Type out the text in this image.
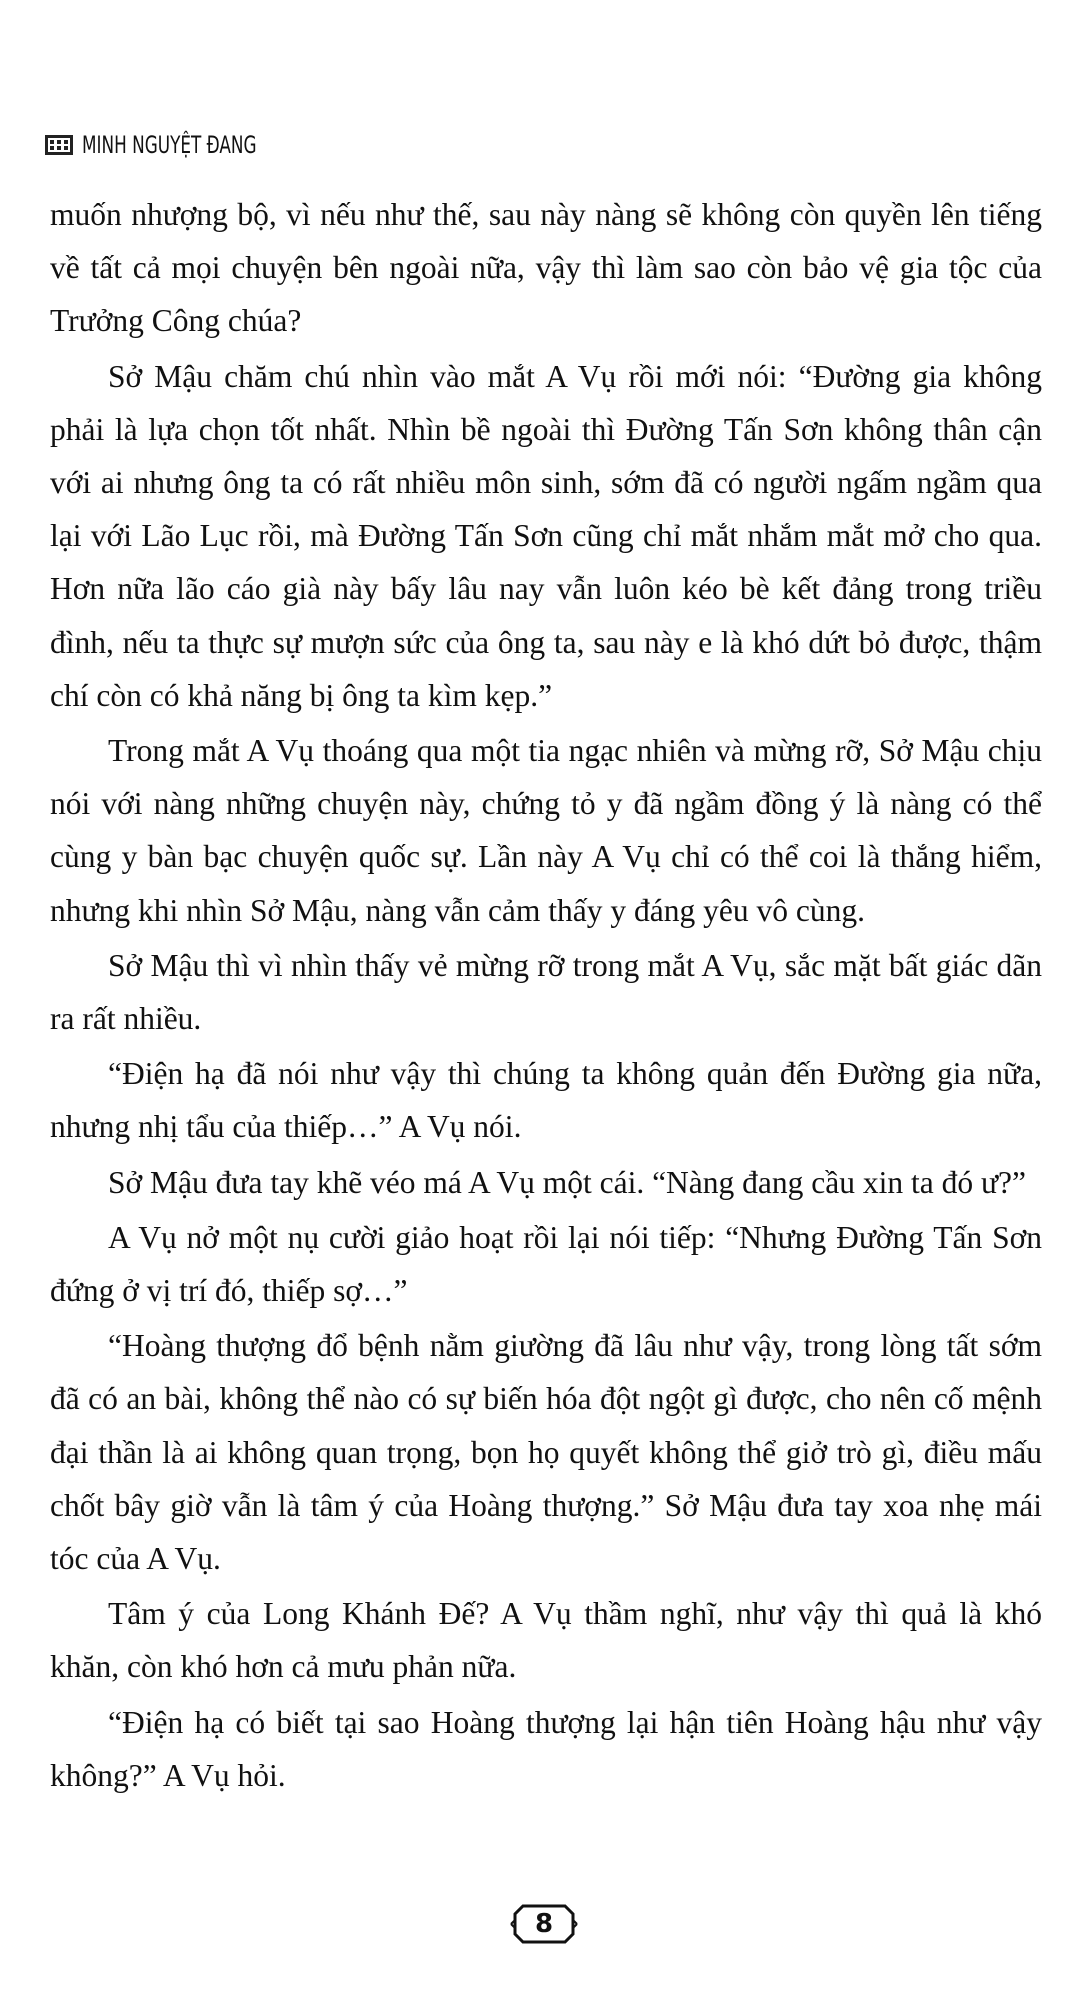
MINH NGUYỆT ĐANG

muốn nhượng bộ, vì nếu như thế, sau này nàng sẽ không còn quyền lên tiếng về tất cả mọi chuyện bên ngoài nữa, vậy thì làm sao còn bảo vệ gia tộc của Trưởng Công chúa?

Sở Mậu chăm chú nhìn vào mắt A Vụ rồi mới nói: “Đường gia không phải là lựa chọn tốt nhất. Nhìn bề ngoài thì Đường Tấn Sơn không thân cận với ai nhưng ông ta có rất nhiều môn sinh, sớm đã có người ngấm ngầm qua lại với Lão Lục rồi, mà Đường Tấn Sơn cũng chỉ mắt nhắm mắt mở cho qua. Hơn nữa lão cáo già này bấy lâu nay vẫn luôn kéo bè kết đảng trong triều đình, nếu ta thực sự mượn sức của ông ta, sau này e là khó dứt bỏ được, thậm chí còn có khả năng bị ông ta kìm kẹp.”

Trong mắt A Vụ thoáng qua một tia ngạc nhiên và mừng rỡ, Sở Mậu chịu nói với nàng những chuyện này, chứng tỏ y đã ngầm đồng ý là nàng có thể cùng y bàn bạc chuyện quốc sự. Lần này A Vụ chỉ có thể coi là thắng hiểm, nhưng khi nhìn Sở Mậu, nàng vẫn cảm thấy y đáng yêu vô cùng.

Sở Mậu thì vì nhìn thấy vẻ mừng rỡ trong mắt A Vụ, sắc mặt bất giác dãn ra rất nhiều.

“Điện hạ đã nói như vậy thì chúng ta không quản đến Đường gia nữa, nhưng nhị tẩu của thiếp…” A Vụ nói.

Sở Mậu đưa tay khẽ véo má A Vụ một cái. “Nàng đang cầu xin ta đó ư?”

A Vụ nở một nụ cười giảo hoạt rồi lại nói tiếp: “Nhưng Đường Tấn Sơn đứng ở vị trí đó, thiếp sợ…”

“Hoàng thượng đổ bệnh nằm giường đã lâu như vậy, trong lòng tất sớm đã có an bài, không thể nào có sự biến hóa đột ngột gì được, cho nên cố mệnh đại thần là ai không quan trọng, bọn họ quyết không thể giở trò gì, điều mấu chốt bây giờ vẫn là tâm ý của Hoàng thượng.” Sở Mậu đưa tay xoa nhẹ mái tóc của A Vụ.

Tâm ý của Long Khánh Đế? A Vụ thầm nghĩ, như vậy thì quả là khó khăn, còn khó hơn cả mưu phản nữa.

“Điện hạ có biết tại sao Hoàng thượng lại hận tiên Hoàng hậu như vậy không?” A Vụ hỏi.

8
